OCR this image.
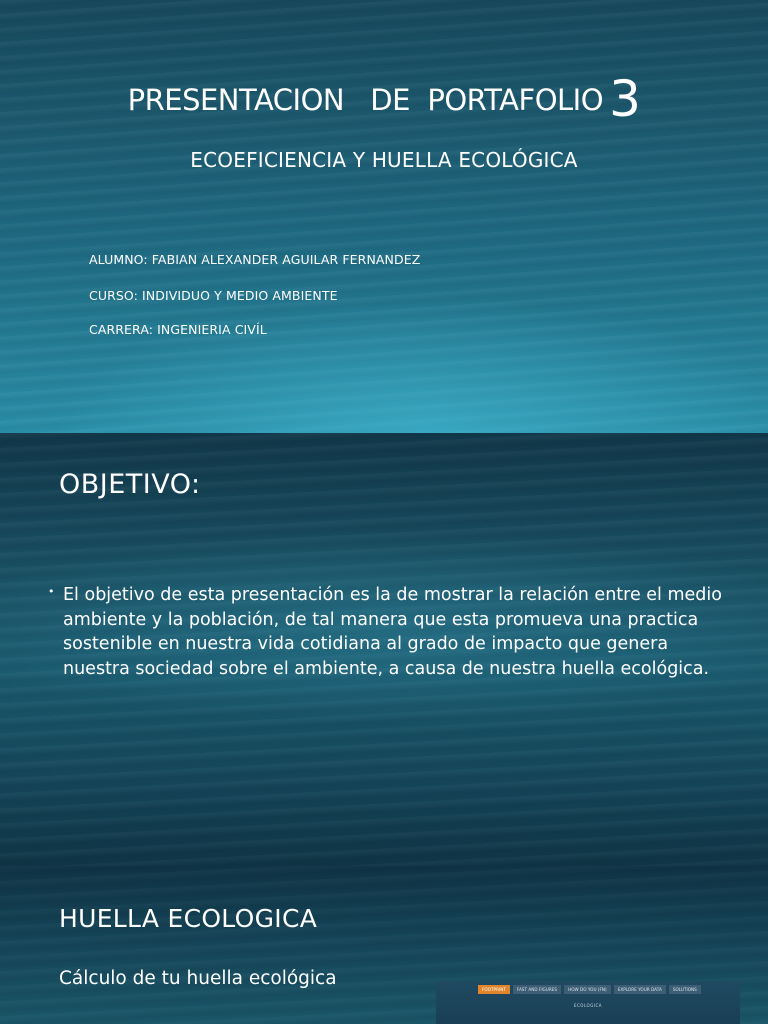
PRESENTACION   DE  PORTAFOLIO 3
ECOEFICIENCIA Y HUELLA ECOLÓGICA
ALUMNO: FABIAN ALEXANDER AGUILAR FERNANDEZ
CURSO: INDIVIDUO Y MEDIO AMBIENTE
CARRERA: INGENIERIA CIVÍL
OBJETIVO:
• El objetivo de esta presentación es la de mostrar la relación entre el medio ambiente y la población, de tal manera que esta promueva una practica sostenible en nuestra vida cotidiana al grado de impacto que genera nuestra sociedad sobre el ambiente, a causa de nuestra huella ecológica.
HUELLA ECOLOGICA
Cálculo de tu huella ecológica
FOOTPRINT	FAST AND FIGURES	HOW DO YOU (FN)	EXPLORE YOUR DATA	SOLUTIONS
ECOLOGICA
